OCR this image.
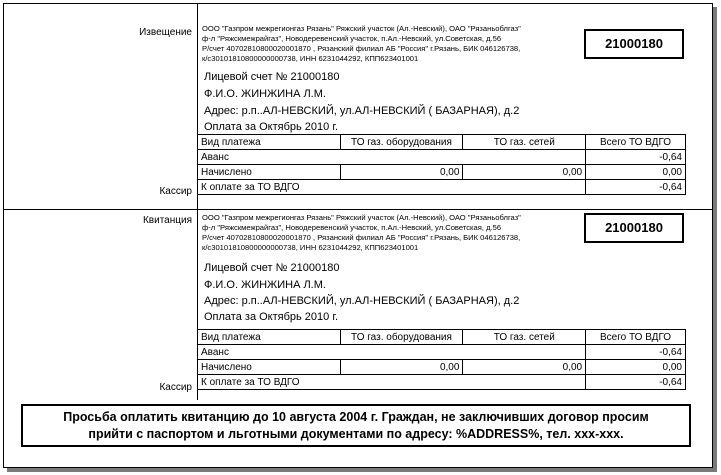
Извещение
Кассир
ООО "Газпром межрегионгаз Рязань" Ряжский участок (Ал.-Невский), ОАО "Рязаньоблгаз"
ф-л "Ряжскмежрайгаз", Новодеревенский участок, п.Ал.-Невский, ул.Советская, д.56
Р/счет 40702810800020001870 , Рязанский филиал АБ "Россия" г.Рязань, БИК 046126738,
к/с30101810800000000738, ИНН 6231044292, КПП623401001
21000180
Лицевой счет № 21000180
Ф.И.О. ЖИНЖИНА Л.М.
Адрес: р.п..АЛ-НЕВСКИЙ, ул.АЛ-НЕВСКИЙ ( БАЗАРНАЯ), д.2
Оплата за Октябрь 2010 г.
Вид платежа	ТО газ. оборудования	ТО газ. сетей	Всего ТО ВДГО
Аванс			-0,64
Начислено	0,00	0,00	0,00
К оплате за ТО ВДГО			-0,64
Квитанция
Кассир
ООО "Газпром межрегионгаз Рязань" Ряжский участок (Ал.-Невский), ОАО "Рязаньоблгаз"
ф-л "Ряжскмежрайгаз", Новодеревенский участок, п.Ал.-Невский, ул.Советская, д.56
Р/счет 40702810800020001870 , Рязанский филиал АБ "Россия" г.Рязань, БИК 046126738,
к/с30101810800000000738, ИНН 6231044292, КПП623401001
21000180
Лицевой счет № 21000180
Ф.И.О. ЖИНЖИНА Л.М.
Адрес: р.п..АЛ-НЕВСКИЙ, ул.АЛ-НЕВСКИЙ ( БАЗАРНАЯ), д.2
Оплата за Октябрь 2010 г.
Вид платежа	ТО газ. оборудования	ТО газ. сетей	Всего ТО ВДГО
Аванс			-0,64
Начислено	0,00	0,00	0,00
К оплате за ТО ВДГО			-0,64
Просьба оплатить квитанцию до 10 августа 2004 г. Граждан, не заключивших договор просим
прийти с паспортом и льготными документами по адресу: %ADDRESS%, тел. xxx-xxx.
